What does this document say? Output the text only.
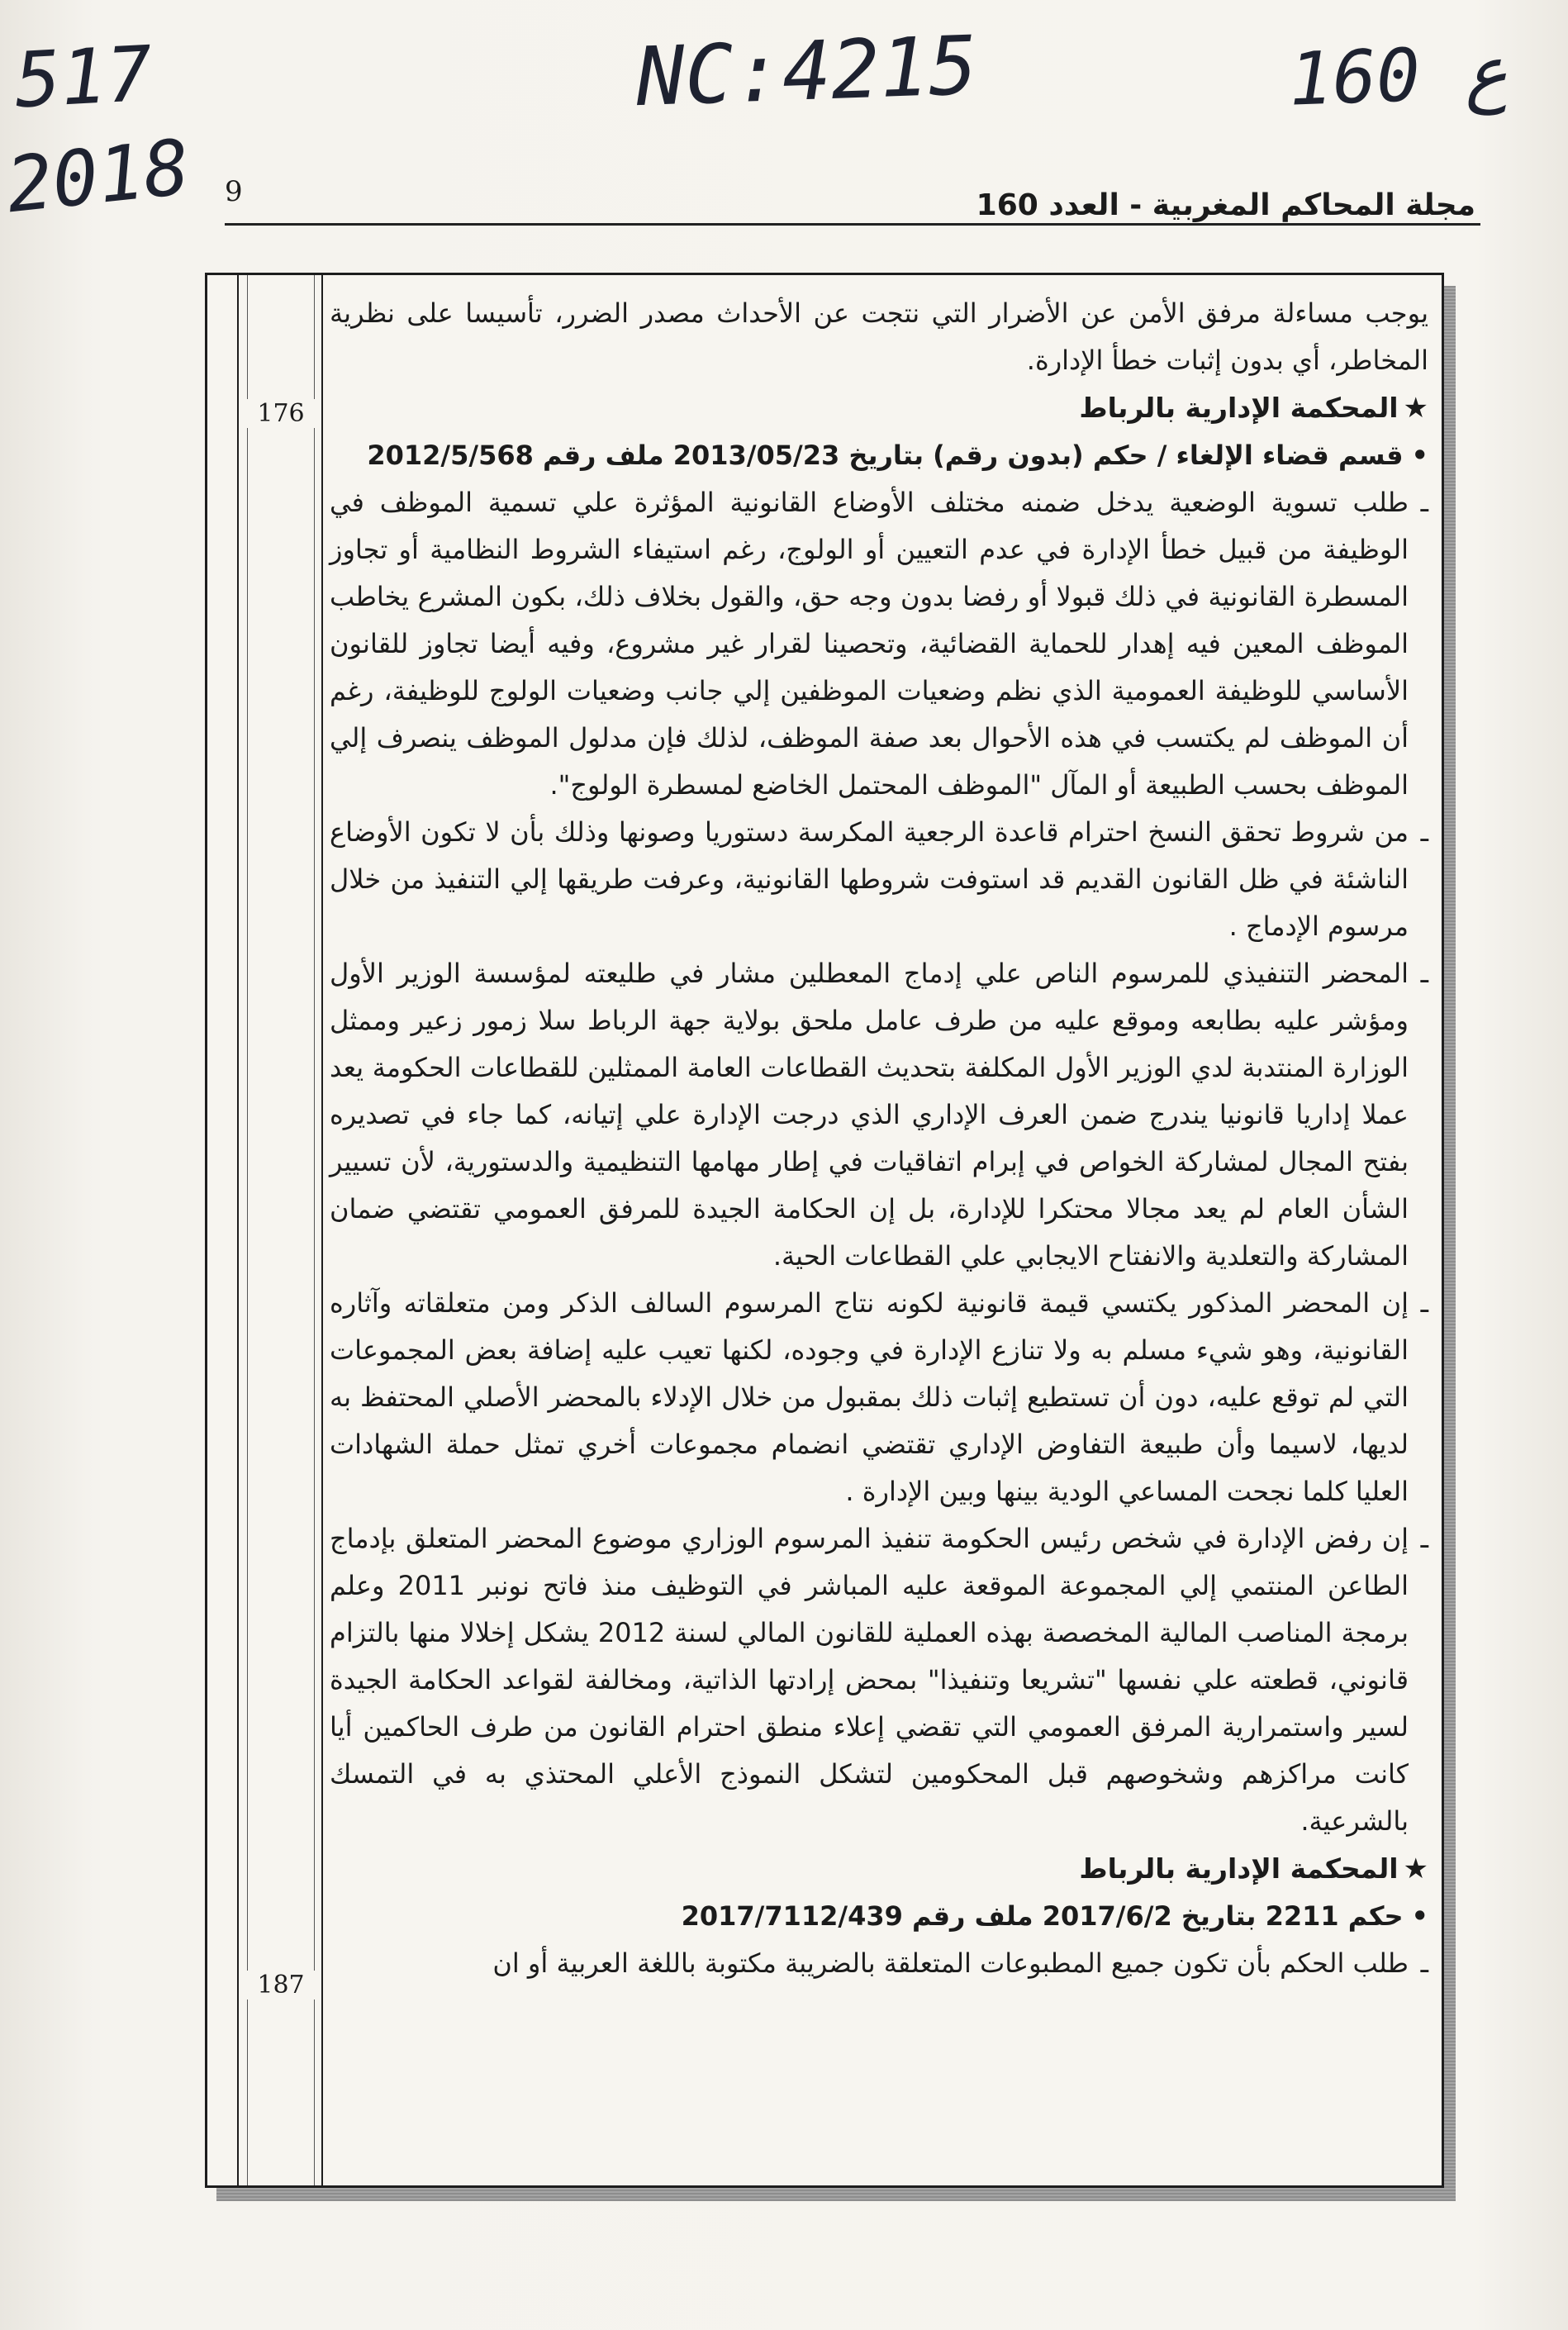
517
2018
NC:4215	160 ع
مجلة المحاكم المغربية - العدد 160
9
176
187

يوجب مساءلة مرفق الأمن عن الأضرار التي نتجت عن الأحداث مصدر الضرر، تأسيسا على نظرية المخاطر، أي بدون إثبات خطأ الإدارة.

★المحكمة الإدارية بالرباط

•قسم قضاء الإلغاء / حكم (بدون رقم) بتاريخ 2013/05/23 ملف رقم 2012/5/568

ـ
طلب تسوية الوضعية يدخل ضمنه مختلف الأوضاع القانونية المؤثرة علي تسمية الموظف في الوظيفة من قبيل خطأ الإدارة في عدم التعيين أو الولوج، رغم استيفاء الشروط النظامية أو تجاوز المسطرة القانونية في ذلك قبولا أو رفضا بدون وجه حق، والقول بخلاف ذلك، بكون المشرع يخاطب الموظف المعين فيه إهدار للحماية القضائية، وتحصينا لقرار غير مشروع، وفيه أيضا تجاوز للقانون الأساسي للوظيفة العمومية الذي نظم وضعيات الموظفين إلي جانب وضعيات الولوج للوظيفة، رغم أن الموظف لم يكتسب في هذه الأحوال بعد صفة الموظف، لذلك فإن مدلول الموظف ينصرف إلي الموظف بحسب الطبيعة أو المآل "الموظف المحتمل الخاضع لمسطرة الولوج".

ـ
من شروط تحقق النسخ احترام قاعدة الرجعية المكرسة دستوريا وصونها وذلك بأن لا تكون الأوضاع الناشئة في ظل القانون القديم قد استوفت شروطها القانونية، وعرفت طريقها إلي التنفيذ من خلال مرسوم الإدماج .

ـ
المحضر التنفيذي للمرسوم الناص علي إدماج المعطلين مشار في طليعته لمؤسسة الوزير الأول ومؤشر عليه بطابعه وموقع عليه من طرف عامل ملحق بولاية جهة الرباط سلا زمور زعير وممثل الوزارة المنتدبة لدي الوزير الأول المكلفة بتحديث القطاعات العامة الممثلين للقطاعات الحكومة يعد عملا إداريا قانونيا يندرج ضمن العرف الإداري الذي درجت الإدارة علي إتيانه، كما جاء في تصديره بفتح المجال لمشاركة الخواص في إبرام اتفاقيات في إطار مهامها التنظيمية والدستورية، لأن تسيير الشأن العام لم يعد مجالا محتكرا للإدارة، بل إن الحكامة الجيدة للمرفق العمومي تقتضي ضمان المشاركة والتعلدية والانفتاح الايجابي علي القطاعات الحية.

ـ
إن المحضر المذكور يكتسي قيمة قانونية لكونه نتاج المرسوم السالف الذكر ومن متعلقاته وآثاره القانونية، وهو شيء مسلم به ولا تنازع الإدارة في وجوده، لكنها تعيب عليه إضافة بعض المجموعات التي لم توقع عليه، دون أن تستطيع إثبات ذلك بمقبول من خلال الإدلاء بالمحضر الأصلي المحتفظ به لديها، لاسيما وأن طبيعة التفاوض الإداري تقتضي انضمام مجموعات أخري تمثل حملة الشهادات العليا كلما نجحت المساعي الودية بينها وبين الإدارة .

ـ
إن رفض الإدارة في شخص رئيس الحكومة تنفيذ المرسوم الوزاري موضوع المحضر المتعلق بإدماج الطاعن المنتمي إلي المجموعة الموقعة عليه المباشر في التوظيف منذ فاتح نونبر 2011 وعلم برمجة المناصب المالية المخصصة بهذه العملية للقانون المالي لسنة 2012 يشكل إخلالا منها بالتزام قانوني، قطعته علي نفسها "تشريعا وتنفيذا" بمحض إرادتها الذاتية، ومخالفة لقواعد الحكامة الجيدة لسير واستمرارية المرفق العمومي التي تقضي إعلاء منطق احترام القانون من طرف الحاكمين أيا كانت مراكزهم وشخوصهم قبل المحكومين لتشكل النموذج الأعلي المحتذي به في التمسك بالشرعية.

★المحكمة الإدارية بالرباط

•حكم 2211 بتاريخ 2017/6/2 ملف رقم 2017/7112/439

ـ
طلب الحكم بأن تكون جميع المطبوعات المتعلقة بالضريبة مكتوبة باللغة العربية أو ان
